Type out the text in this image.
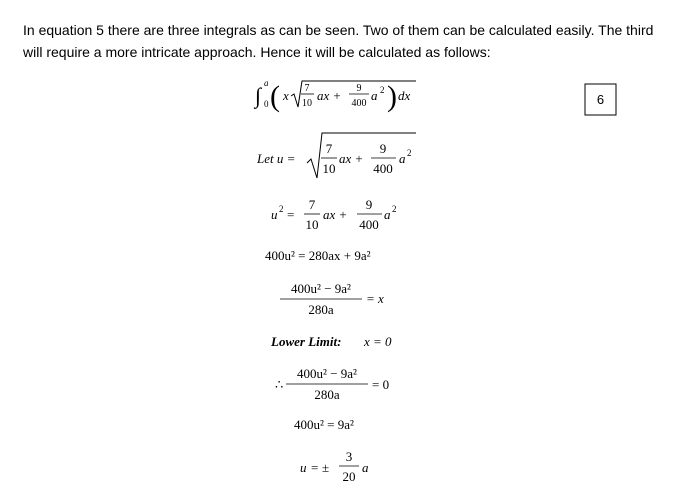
In equation 5 there are three integrals as can be seen. Two of them can be calculated easily. The third
will require a more intricate approach. Hence it will be calculated as follows:

6
∫ a
0 ( x 7
10
ax + 9
400
a 2 ) dx
Let u =
7
10
ax +
9
400
a 2
u 2 =
7
10
ax +
9
400
a 2
400u² = 280ax + 9a²
400u² − 9a²
280a
= x
Lower Limit: x = 0
∴
400u² − 9a²
280a
= 0
400u² = 9a²
u = ±
3
20
a
